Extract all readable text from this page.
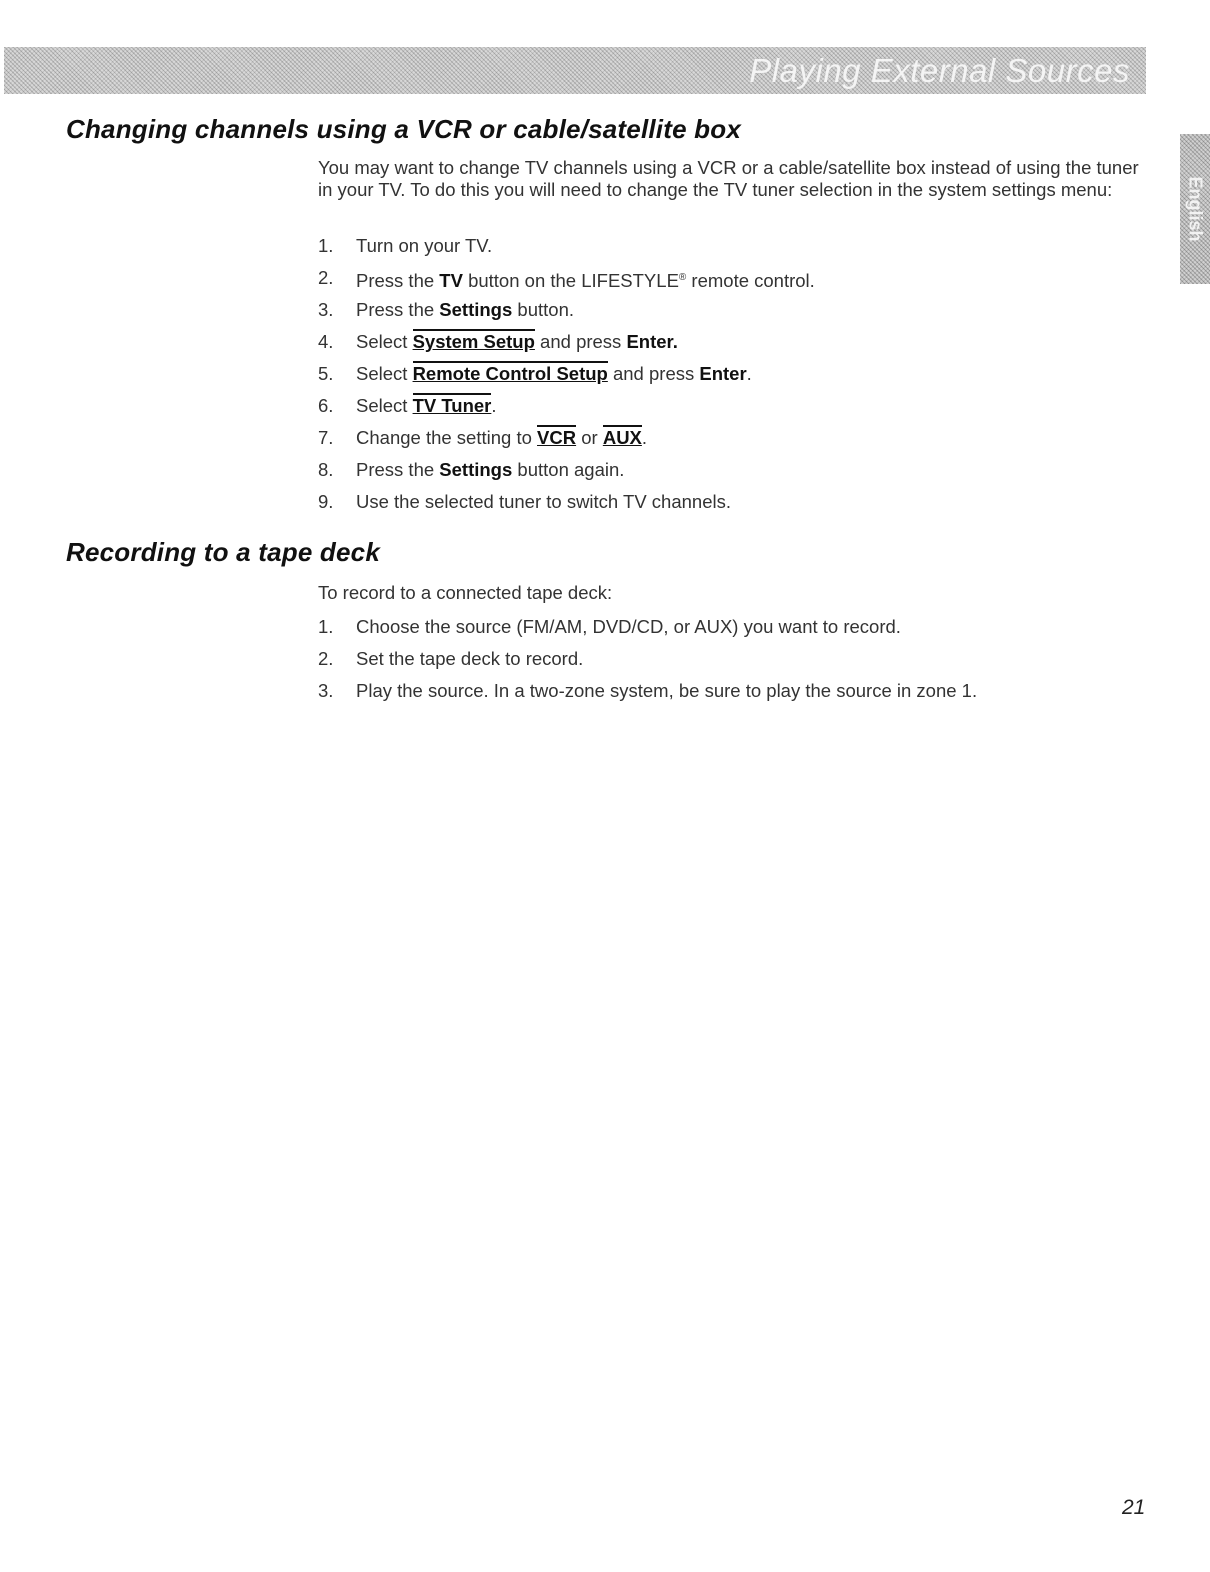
Playing External Sources
English
Changing channels using a VCR or cable/satellite box

You may want to change TV channels using a VCR or a cable/satellite box instead of using the tuner in your TV. To do this you will need to change the TV tuner selection in the system settings menu:

1. Turn on your TV.
2. Press the TV button on the LIFESTYLE® remote control.
3. Press the Settings button.
4. Select System Setup and press Enter.
5. Select Remote Control Setup and press Enter.
6. Select TV Tuner.
7. Change the setting to VCR or AUX.
8. Press the Settings button again.
9. Use the selected tuner to switch TV channels.
Recording to a tape deck

To record to a connected tape deck:

1. Choose the source (FM/AM, DVD/CD, or AUX) you want to record.
2. Set the tape deck to record.
3. Play the source. In a two-zone system, be sure to play the source in zone 1.
21
